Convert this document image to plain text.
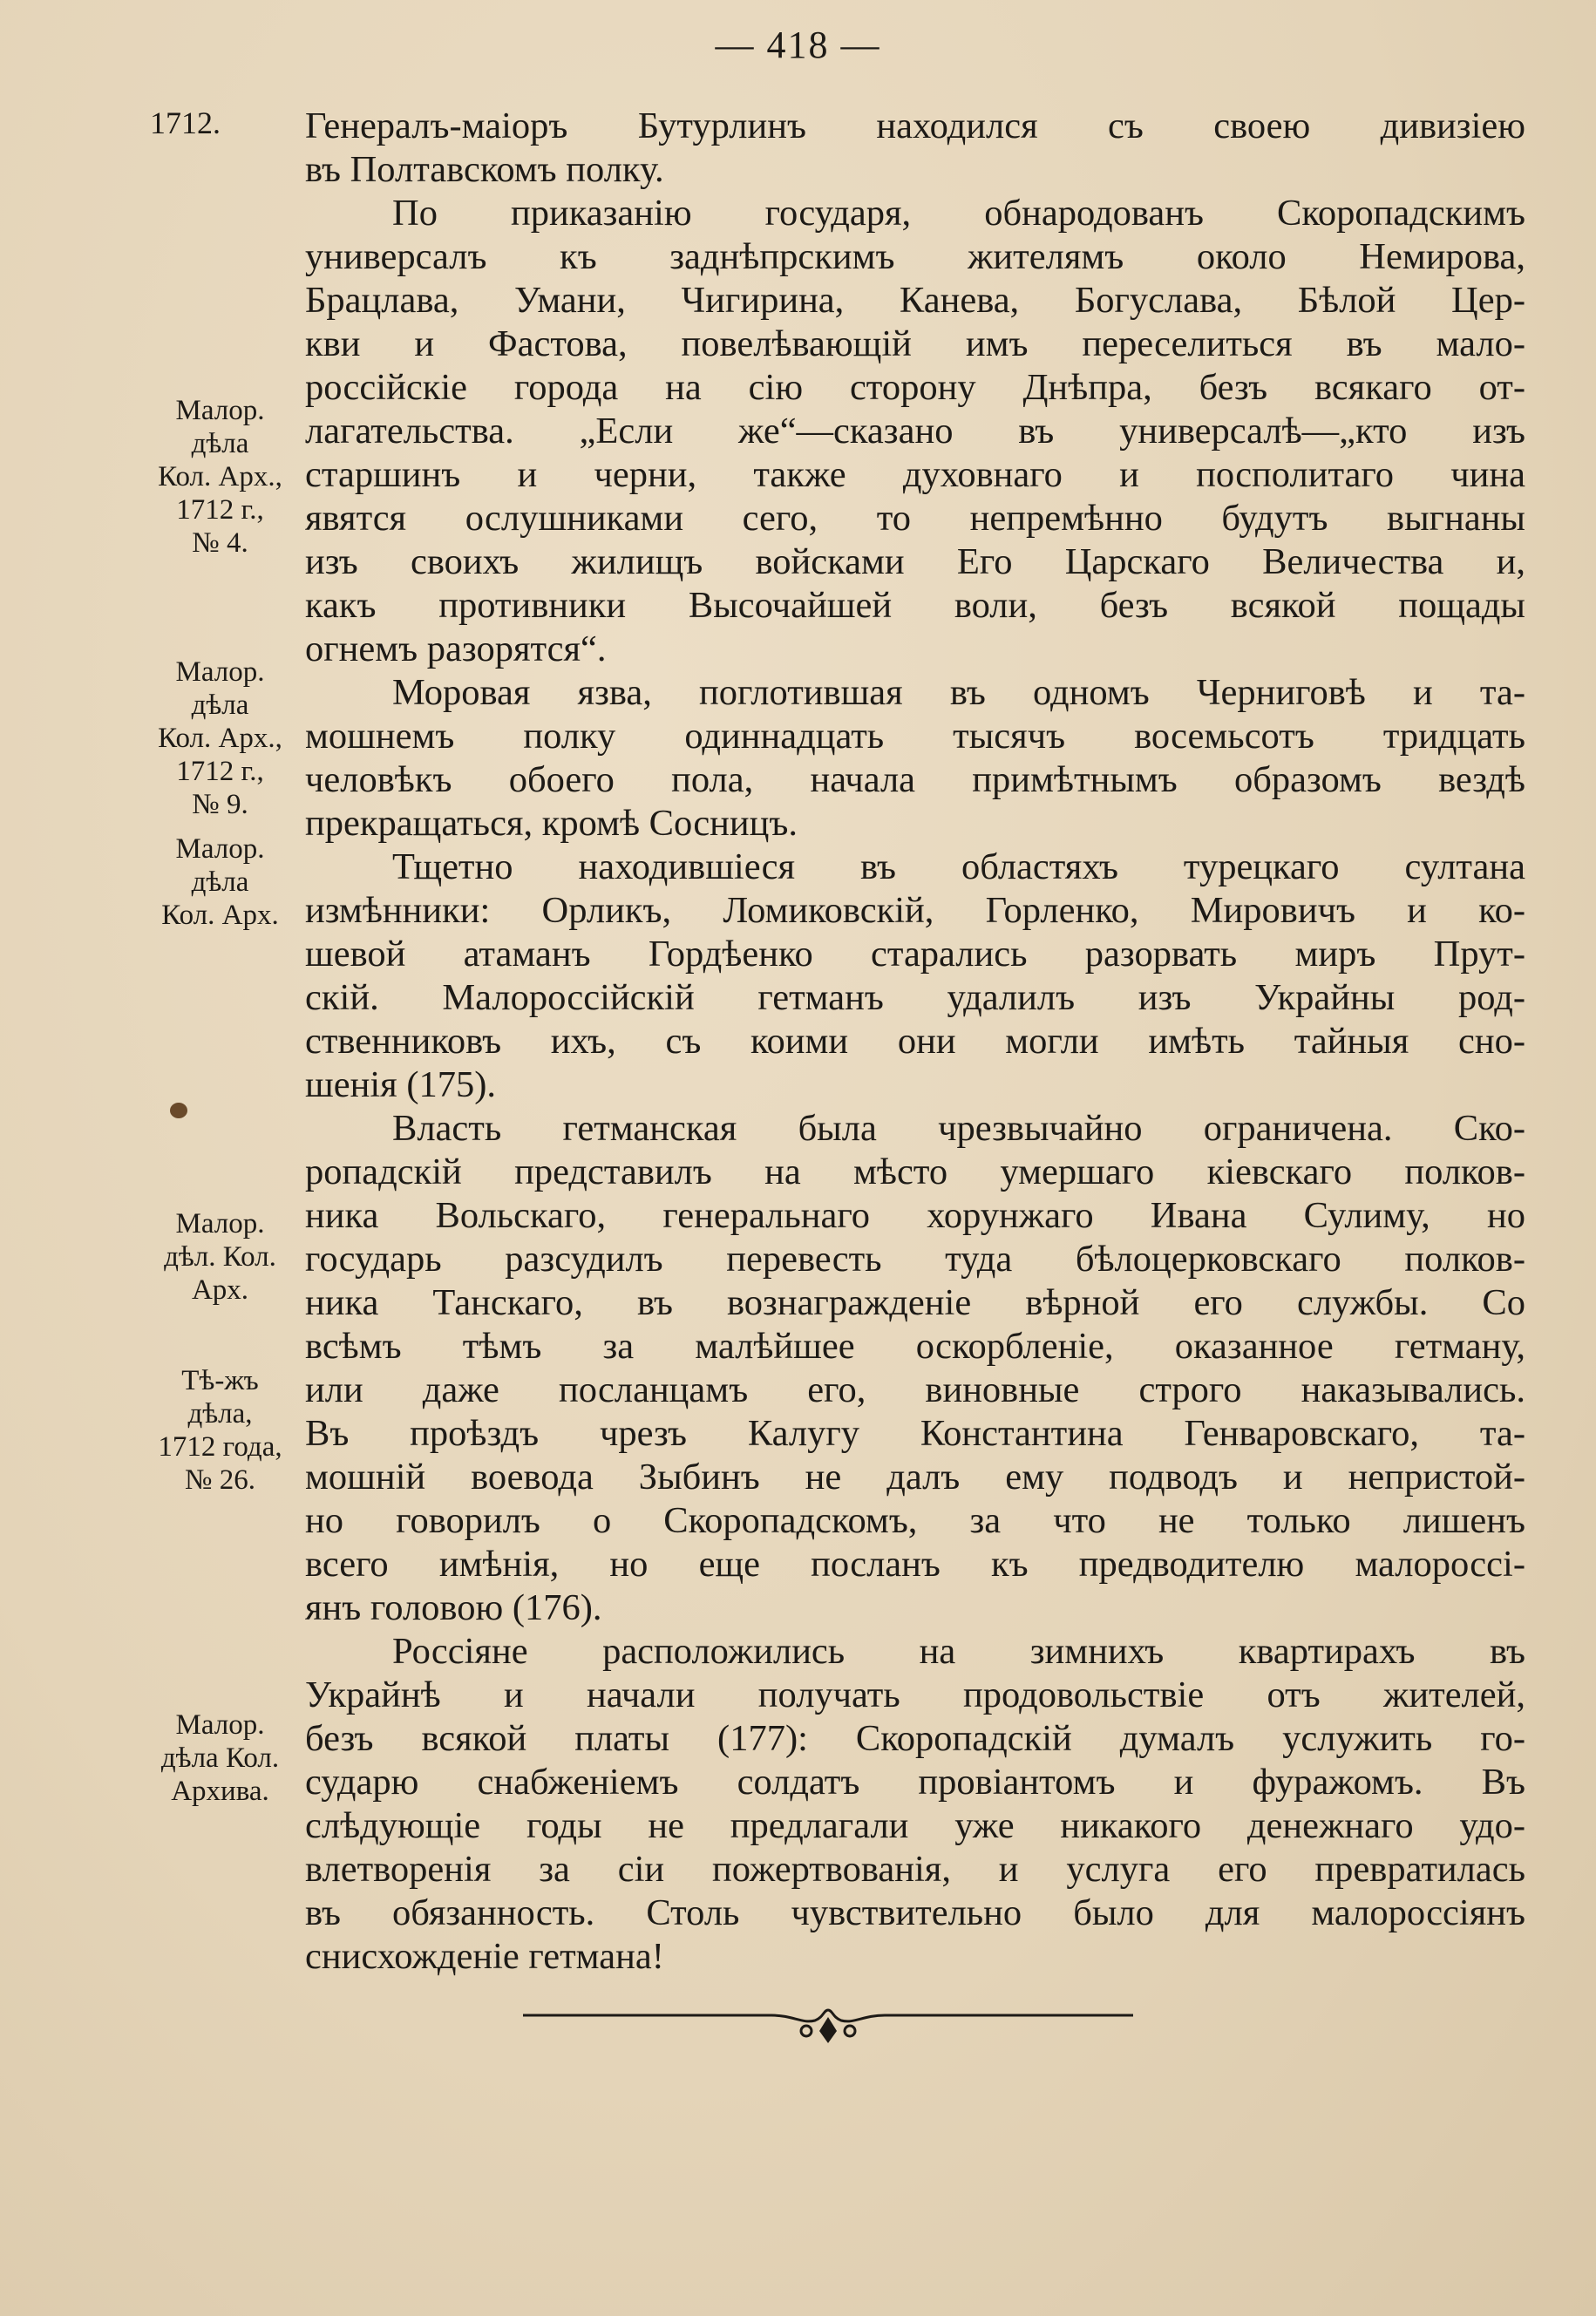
— 418 —
1712.
Малор.
дѣла
Кол. Арх.,
1712 г.,
№ 4.
Малор.
дѣла
Кол. Арх.,
1712 г.,
№ 9.
Малор.
дѣла
Кол. Арх.
Малор.
дѣл. Кол.
Арх.
Тѣ-жъ
дѣла,
1712 года,
№ 26.
Малор.
дѣла Кол.
Архива.
Генералъ-маіоръ Бутурлинъ находился съ своею дивизіею
въ Полтавскомъ полку.
По приказанію государя, обнародованъ Скоропадскимъ
универсалъ къ заднѣпрскимъ жителямъ около Немирова,
Брацлава, Умани, Чигирина, Канева, Богуслава, Бѣлой Цер-
кви и Фастова, повелѣвающій имъ переселиться въ мало-
россійскіе города на сію сторону Днѣпра, безъ всякаго от-
лагательства. „Если же“—сказано въ универсалѣ—„кто изъ
старшинъ и черни, также духовнаго и посполитаго чина
явятся ослушниками сего, то непремѣнно будутъ выгнаны
изъ своихъ жилищъ войсками Его Царскаго Величества и,
какъ противники Высочайшей воли, безъ всякой пощады
огнемъ разорятся“.
Моровая язва, поглотившая въ одномъ Черниговѣ и та-
мошнемъ полку одиннадцать тысячъ восемьсотъ тридцать
человѣкъ обоего пола, начала примѣтнымъ образомъ вездѣ
прекращаться, кромѣ Сосницъ.
Тщетно находившіеся въ областяхъ турецкаго султана
измѣнники: Орликъ, Ломиковскій, Горленко, Мировичъ и ко-
шевой атаманъ Гордѣенко старались разорвать миръ Прут-
скій. Малороссійскій гетманъ удалилъ изъ Украйны род-
ственниковъ ихъ, съ коими они могли имѣть тайныя сно-
шенія (175).
Власть гетманская была чрезвычайно ограничена. Ско-
ропадскій представилъ на мѣсто умершаго кіевскаго полков-
ника Вольскаго, генеральнаго хорунжаго Ивана Сулиму, но
государь разсудилъ перевесть туда бѣлоцерковскаго полков-
ника Танскаго, въ вознагражденіе вѣрной его службы. Со
всѣмъ тѣмъ за малѣйшее оскорбленіе, оказанное гетману,
или даже посланцамъ его, виновные строго наказывались.
Въ проѣздъ чрезъ Калугу Константина Генваровскаго, та-
мошній воевода Зыбинъ не далъ ему подводъ и непристой-
но говорилъ о Скоропадскомъ, за что не только лишенъ
всего имѣнія, но еще посланъ къ предводителю малороссі-
янъ головою (176).
Россіяне расположились на зимнихъ квартирахъ въ
Украйнѣ и начали получать продовольствіе отъ жителей,
безъ всякой платы (177): Скоропадскій думалъ услужить го-
сударю снабженіемъ солдатъ провіантомъ и фуражомъ. Въ
слѣдующіе годы не предлагали уже никакого денежнаго удо-
влетворенія за сіи пожертвованія, и услуга его превратилась
въ обязанность. Столь чувствительно было для малороссіянъ
снисхожденіе гетмана!
